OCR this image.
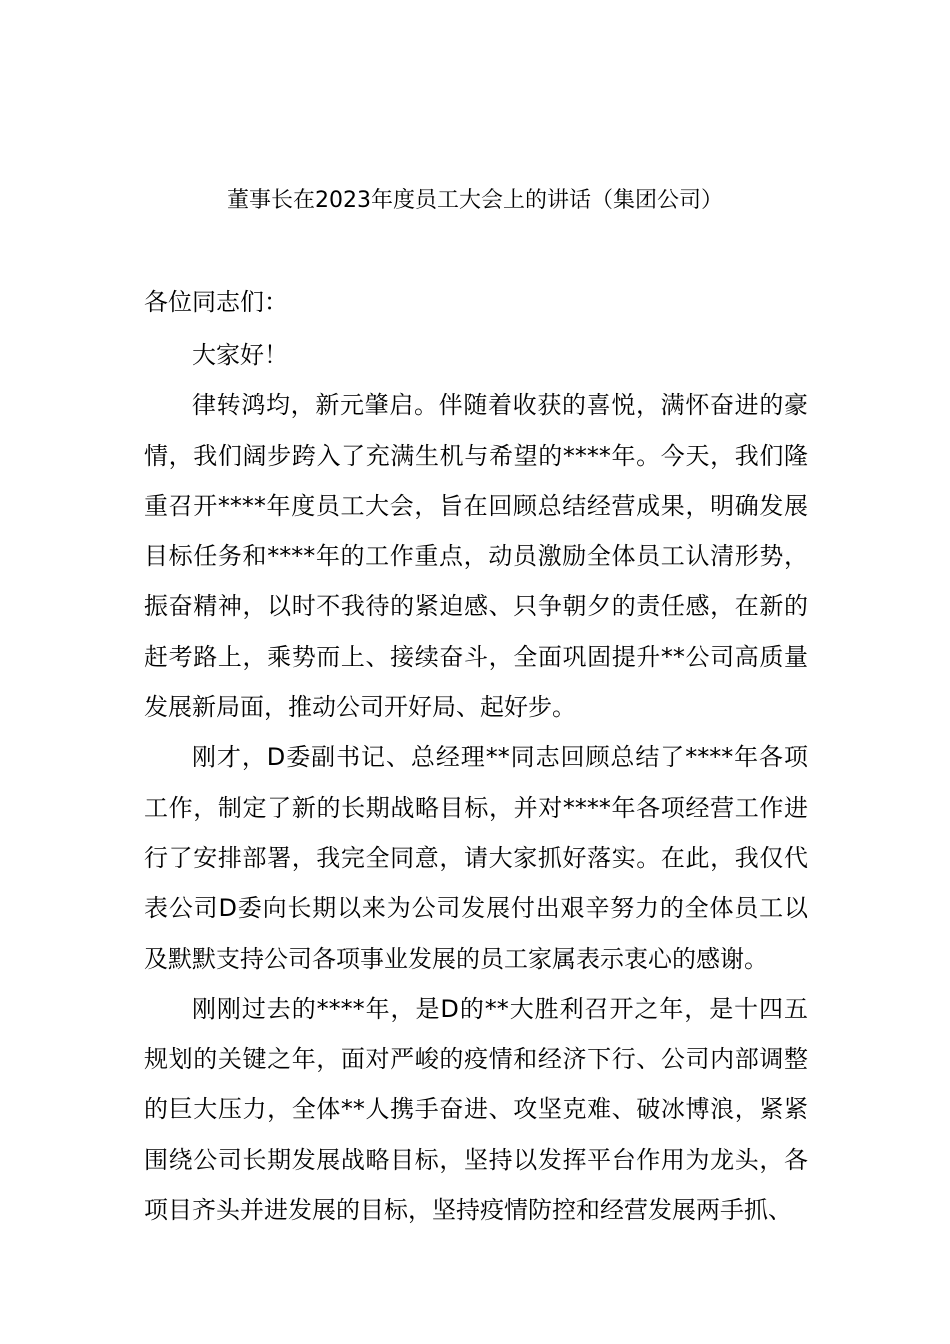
董事长在2023年度员工大会上的讲话（集团公司）
各位同志们：

大家好！

律转鸿均，新元肇启。伴随着收获的喜悦，满怀奋进的豪情，我们阔步跨入了充满生机与希望的****年。今天，我们隆重召开****年度员工大会，旨在回顾总结经营成果，明确发展目标任务和****年的工作重点，动员激励全体员工认清形势，振奋精神，以时不我待的紧迫感、只争朝夕的责任感，在新的赶考路上，乘势而上、接续奋斗，全面巩固提升**公司高质量发展新局面，推动公司开好局、起好步。

刚才，D委副书记、总经理**同志回顾总结了****年各项工作，制定了新的长期战略目标，并对****年各项经营工作进行了安排部署，我完全同意，请大家抓好落实。在此，我仅代表公司D委向长期以来为公司发展付出艰辛努力的全体员工以及默默支持公司各项事业发展的员工家属表示衷心的感谢。

刚刚过去的****年，是D的**大胜利召开之年，是十四五规划的关键之年，面对严峻的疫情和经济下行、公司内部调整的巨大压力，全体**人携手奋进、攻坚克难、破冰博浪，紧紧围绕公司长期发展战略目标，坚持以发挥平台作用为龙头，各项目齐头并进发展的目标，坚持疫情防控和经营发展两手抓、
